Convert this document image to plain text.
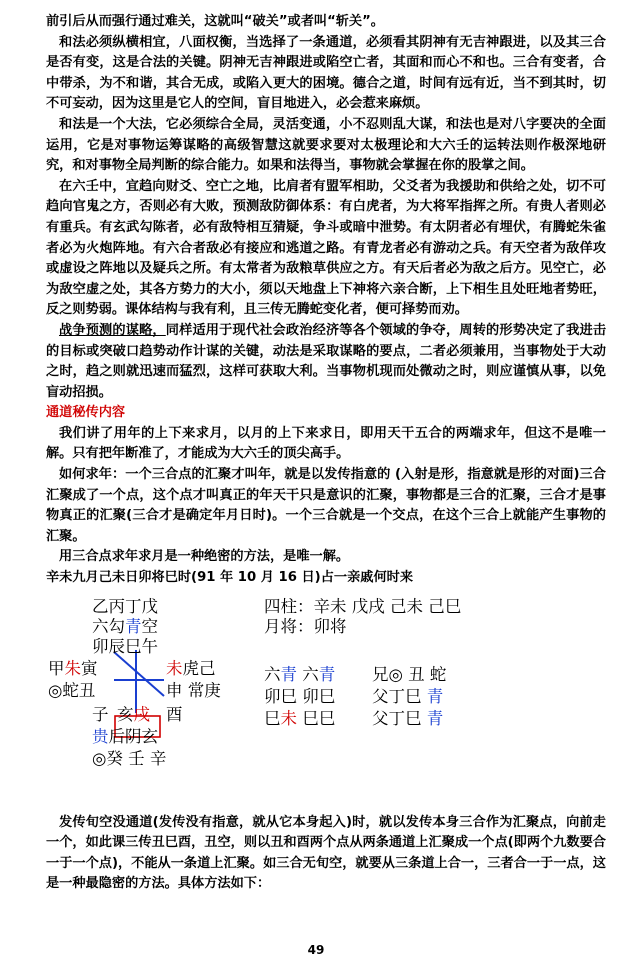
前引后从而强行通过难关，这就叫“破关”或者叫“斩关”。

和法必须纵横相宜，八面权衡，当选择了一条通道，必须看其阴神有无吉神跟进，以及其三合是否有变，这是合法的关键。阴神无吉神跟进或陷空亡者，其面和而心不和也。三合有变者，合中带杀，为不和谐，其合无成，或陷入更大的困境。德合之道，时间有远有近，当不到其时，切不可妄动，因为这里是它人的空间，盲目地进入，必会惹来麻烦。

和法是一个大法，它必须综合全局，灵活变通，小不忍则乱大谋，和法也是对八字要决的全面运用，它是对事物运筹谋略的高级智慧这就要求要对太极理论和大六壬的运转法则作极深地研究，和对事物全局判断的综合能力。如果和法得当，事物就会掌握在你的股掌之间。

在六壬中，宜趋向财爻、空亡之地，比肩者有盟军相助，父爻者为我援助和供给之处，切不可趋向官鬼之方，否则必有大败，预测敌防御体系：有白虎者，为大将军指挥之所。有贵人者则必有重兵。有玄武勾陈者，必有敌特相互猜疑，争斗或暗中泄势。有太阴者必有埋伏，有腾蛇朱雀者必为火炮阵地。有六合者敌必有接应和逃道之路。有青龙者必有游动之兵。有天空者为敌佯攻或虚设之阵地以及疑兵之所。有太常者为敌粮草供应之方。有天后者必为敌之后方。见空亡，必为敌空虚之处，其各方势力的大小，须以天地盘上下神将六亲合断，上下相生且处旺地者势旺，反之则势弱。课体结构与我有利，且三传无腾蛇变化者，便可择势而劝。

战争预测的谋略，同样适用于现代社会政治经济等各个领域的争夺，周转的形势决定了我进击的目标或突破口趋势动作计谋的关键，动法是采取谋略的要点，二者必须兼用，当事物处于大动之时，趋之则就迅速而猛烈，这样可获取大利。当事物机现而处微动之时，则应谨慎从事，以免盲动招损。

通道秘传内容

我们讲了用年的上下来求月，以月的上下来求日，即用天干五合的两端求年，但这不是唯一解。只有把年断准了，才能成为大六壬的顶尖高手。

如何求年：一个三合点的汇聚才叫年，就是以发传指意的 (入射是形，指意就是形的对面)三合汇聚成了一个点，这个点才叫真正的年天干只是意识的汇聚，事物都是三合的汇聚，三合才是事物真正的汇聚(三合才是确定年月日时)。一个三合就是一个交点，在这个三合上就能产生事物的汇聚。

用三合点求年求月是一种绝密的方法，是唯一解。

辛未九月己未日卯将巳时(91 年 10 月 16 日)占一亲戚何时来

乙丙丁戊
六勾青空
卯辰巳午
甲朱寅
◎蛇丑
子 亥戌 酉
未虎己
申 常庚
贵后阴玄
◎癸 壬 辛
四柱：辛未 戊戌 己未 己巳
月将：卯将
六青 六青
卯巳 卯巳
巳未 巳巳
兄◎ 丑 蛇
父丁巳 青
父丁巳 青

发传旬空没通道(发传没有指意，就从它本身起入)时，就以发传本身三合作为汇聚点，向前走一个，如此课三传丑巳酉，丑空，则以丑和酉两个点从两条通道上汇聚成一个点(即两个九数要合一于一个点)，不能从一条道上汇聚。如三合无旬空，就要从三条道上合一，三者合一于一点，这是一种最隐密的方法。具体方法如下：

49
